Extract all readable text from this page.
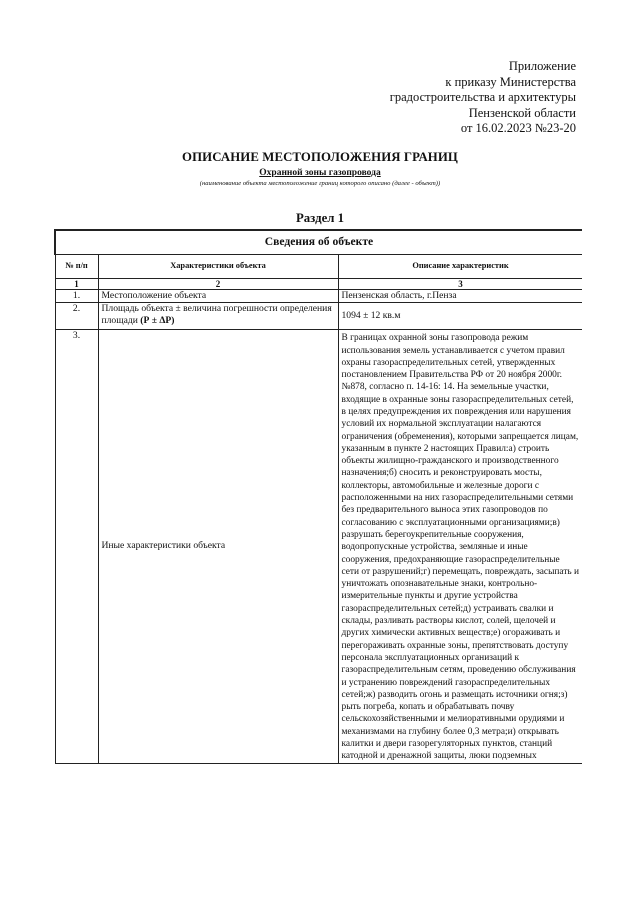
Приложение
к приказу Министерства
градостроительства и архитектуры
Пензенской области
от 16.02.2023 №23-20
ОПИСАНИЕ МЕСТОПОЛОЖЕНИЯ ГРАНИЦ
Охранной зоны газопровода
(наименование объекта местоположение границ которого описано (далее - объект))
Раздел 1
Сведения об объекте		
№ п/п	Характеристики объекта	Описание характеристик
1	2	3
1.	Местоположение объекта	Пензенская область, г.Пенза
2.	Площадь объекта ± величина погрешности определения площади (Р ± ΔР)	1094 ± 12 кв.м
3.	Иные характеристики объекта	В границах охранной зоны газопровода режим использования земель устанавливается с учетом правил охраны газораспределительных сетей, утвержденных постановлением Правительства РФ от 20 ноября 2000г. №878, согласно п. 14-16: 14. На земельные участки, входящие в охранные зоны газораспределительных сетей, в целях предупреждения их повреждения или нарушения условий их нормальной эксплуатации налагаются ограничения (обременения), которыми запрещается лицам, указанным в пункте 2 настоящих Правил:а) строить объекты жилищно-гражданского и производственного назначения;б) сносить и реконструировать мосты, коллекторы, автомобильные и железные дороги с расположенными на них газораспределительными сетями без предварительного выноса этих газопроводов по согласованию с эксплуатационными организациями;в) разрушать берегоукрепительные сооружения, водопропускные устройства, земляные и иные сооружения, предохраняющие газораспределительные сети от разрушений;г) перемещать, повреждать, засыпать и уничтожать опознавательные знаки, контрольно-измерительные пункты и другие устройства газораспределительных сетей;д) устраивать свалки и склады, разливать растворы кислот, солей, щелочей и других химически активных веществ;е) огораживать и перегораживать охранные зоны, препятствовать доступу персонала эксплуатационных организаций к газораспределительным сетям, проведению обслуживания и устранению повреждений газораспределительных сетей;ж) разводить огонь и размещать источники огня;з) рыть погреба, копать и обрабатывать почву сельскохозяйственными и мелиоративными орудиями и механизмами на глубину более 0,3 метра;и) открывать калитки и двери газорегуляторных пунктов, станций катодной и дренажной защиты, люки подземных
